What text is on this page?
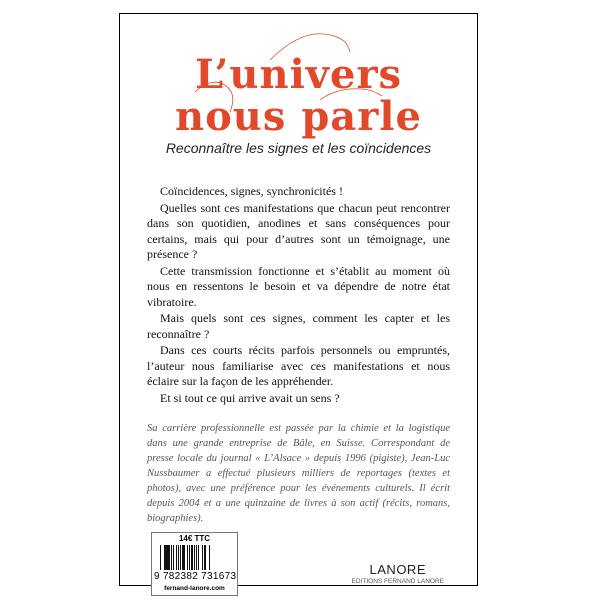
L’univers
nous parle
Reconnaître les signes et les coïncidences

Coïncidences, signes, synchronicités !

Quelles sont ces manifestations que chacun peut rencontrer dans son quotidien, anodines et sans conséquences pour certains, mais qui pour d’autres sont un témoignage, une présence ?

Cette transmission fonctionne et s’établit au moment où nous en ressentons le besoin et va dépendre de notre état vibratoire.

Mais quels sont ces signes, comment les capter et les reconnaître ?

Dans ces courts récits parfois personnels ou empruntés, l’auteur nous familiarise avec ces manifestations et nous éclaire sur la façon de les appréhender.

Et si tout ce qui arrive avait un sens ?

Sa carrière professionnelle est passée par la chimie et la logistique dans une grande entreprise de Bâle, en Suisse. Correspondant de presse locale du journal « L’Alsace » depuis 1996 (pigiste), Jean-Luc Nussbaumer a effectué plusieurs milliers de reportages (textes et photos), avec une préférence pour les événements culturels. Il écrit depuis 2004 et a une quinzaine de livres à son actif (récits, romans, biographies).
14€ TTC
9 782382 731673
fernand-lanore.com
LANORE
EDITIONS FERNAND LANORE
